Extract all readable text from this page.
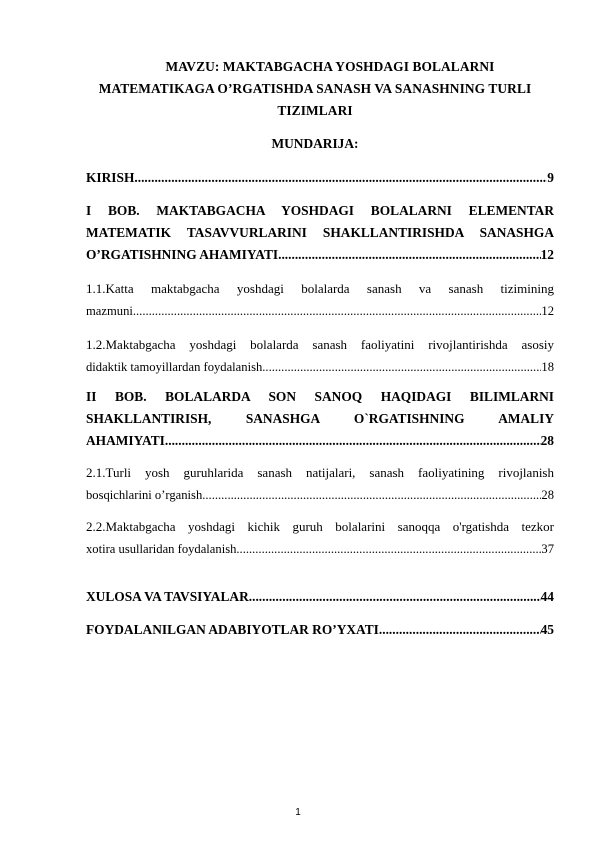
MAVZU: MAKTABGACHA YOSHDAGI BOLALARNI
MATEMATIKAGA O’RGATISHDA SANASH VA SANASHNING TURLI
TIZIMLARI
MUNDARIJA:
KIRISH .....	9
I BOB. MAKTABGACHA YOSHDAGI BOLALARNI ELEMENTAR
MATEMATIK TASAVVURLARINI SHAKLLANTIRISHDA SANASHGA
O’RGATISHNING AHAMIYATI .....	12
1.1.Katta maktabgacha yoshdagi bolalarda sanash va sanash tizimining
mazmuni .....	12
1.2.Maktabgacha yoshdagi bolalarda sanash faoliyatini rivojlantirishda asosiy
didaktik tamoyillardan foydalanish .....	18
II BOB. BOLALARDA SON SANOQ HAQIDAGI BILIMLARNI
SHAKLLANTIRISH, SANASHGA O`RGATISHNING AMALIY
AHAMIYATI .....	28
2.1.Turli yosh guruhlarida sanash natijalari, sanash faoliyatining rivojlanish
bosqichlarini o’rganish .....	28
2.2.Maktabgacha yoshdagi kichik guruh bolalarini sanoqqa o'rgatishda tezkor
xotira usullaridan foydalanish .....	37
XULOSA VA TAVSIYALAR .....	44
FOYDALANILGAN ADABIYOTLAR RO’YXATI .....	45
1
